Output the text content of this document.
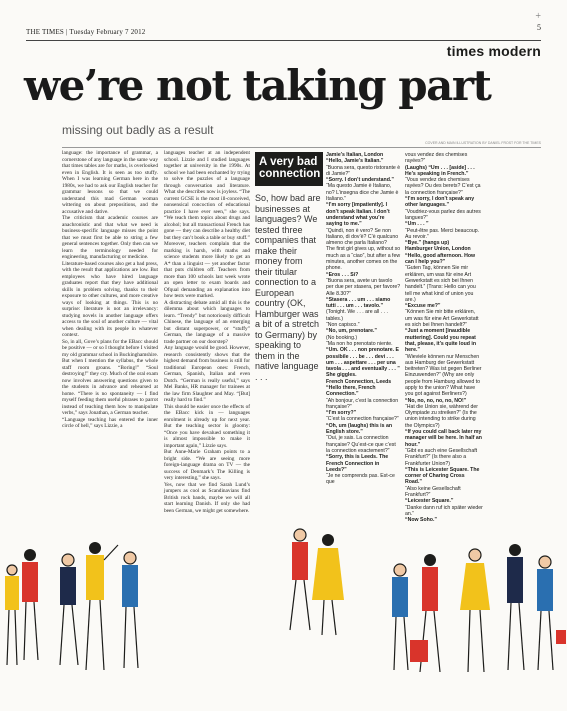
THE TIMES | Tuesday February 7 2012
+
5
times modern
we’re not taking part
missing out badly as a result
COVER AND MAIN ILLUSTRATION BY DANIEL FROST FOR THE TIMES

language: the importance of grammar, a cornerstone of any language in the same way that times tables are for maths, is overlooked even in English. It is seen as too stuffy. When I was learning German here in the 1980s, we had to ask our English teacher for grammar lessons so that we could understand this mad German woman wittering on about prepositions, and the accusative and dative.

The criticism that academic courses are anachronistic and that what we need is business-specific language misses the point that we must first be able to string a few general sentences together. Only then can we learn the terminology needed for engineering, manufacturing or medicine.

Literature-based courses also get a bad press, with the result that applications are low. But employees who have hired language graduates report that they have additional skills in problem solving, thanks to their exposure to other cultures, and more creative ways of looking at things. This is no surprise: literature is not an irrelevancy: studying novels in another language offers access to the soul of another culture — vital when dealing with its people in whatever context.

So, in all, Gove’s plans for the EBacc should be positive — or so I thought before I visited my old grammar school in Buckinghamshire. But when I mention the syllabus, the whole staff room groans. “Boring!” “Soul destroying!” they cry. Much of the oral exam now involves answering questions given to the students in advance and rehearsed at home. “There is no spontaneity — I find myself feeding them useful phrases to parrot instead of teaching them how to manipulate verbs,” says Jonathan, a German teacher.

“Language teaching has entered the inner circle of hell,” says Lizzie, a

languages teacher at an independent school. Lizzie and I studied languages together at university in the 1990s. At school we had been enchanted by trying to solve the puzzles of a language through conversation and literature. What she describes now is joyless. “The current GCSE is the most ill-conceived, nonsensical concoction of educational practice I have ever seen,” she says. “We teach them topics about drugs and alcohol; but all transactional French has gone — they can describe a healthy diet but they can’t book a table or buy stuff.”

Moreover, teachers complain that the marking is harsh, with maths and science students more likely to get an A* than a linguist — yet another factor that puts children off. Teachers from more than 100 schools last week wrote an open letter to exam boards and Ofqual demanding an explanation into how tests were marked.

A distracting debate amid all this is the dilemma about which languages to learn. “Trendy” but notoriously difficult Chinese, the language of an emerging but distant superpower, or “stuffy” German, the language of a massive trade partner on our doorstep?

Any language would be good. However, research consistently shows that the highest demand from business is still for traditional European ones: French, German, Spanish, Italian and even Dutch. “German is really useful,” says Mel Banks, HR manager for trainees at the law firm Slaughter and May. “[But] really hard to find.”

This should be easier once the effects of the EBacc kick in — languages enrolment is already up for next year. But the teaching sector is gloomy: “Once you have devalued something it is almost impossible to make it important again,” Lizzie says.

But Anne-Marie Graham points to a bright side. “We are seeing more foreign-language drama on TV — the success of Denmark’s The Killing is very interesting,” she says.

Yes, now that we find Sarah Lund’s jumpers as cool as Scandinavians find British rock bands, maybe we will all start learning Danish. If only she had been German, we might get somewhere.

A very bad connection
So, how bad are businesses at languages? We tested three companies that make their money from their titular connection to a European country (OK, Hamburger was a bit of a stretch to Germany) by speaking to them in the native language . . .

Jamie’s Italian, London

“Hello, Jamie’s Italian.”

“Buona sera, questo ristorante è di Jamie?”

“Sorry. I don’t understand.”

“Ma questo Jamie è Italiano, no? L’insegna dice che Jamie è Italiano.”

“I’m sorry [impatiently]. I don’t speak Italian. I don’t understand what you’re saying to me.”

“Quindi, non è vero? Se non Italiano, di dov’è? C’è qualcuno almeno che parla Italiano?

The first girl gives up, without so much as a “ciao”, but after a few minutes, another comes on the phone.

“Eros . . . Si?

“Buona sera, avete un tavolo per due per stasera, per favore? Alle 8.30?”

“Stasera . . . um . . . siamo tutti . . . um . . . tavolo.”

(Tonight. We . . . are all . . . tables.)

“Non capisco.”

“No, um, prenotare.”

(No booking.)

“Ma non ho prenotato niente.

“Um. OK . . . non prenotare. E possibile . . . be . . . devi . . . um . . . aspettare . . . per una tavola . . . and eventually . . . ” She giggles.

French Connection, Leeds

“Hello there, French Connection.”

“Ah bonjour, c’est la connection française?”

“I’m sorry?”

“C’est la connection française?”

“Oh, um (laughs) this is an English store.”

“Oui, je sais. La connection française? Qu’est-ce que c’est la connection exactement?”

“Sorry, this is Leeds. The French Connection in Leeds?”

“Je ne comprends pas. Est-ce que

vous vendez des chemises rayées?”

(Laughs) “Um . . . [aside] . . . He’s speaking in French.”

“Vous vendez des chemises rayées? Ou des berets? C’est ça la connection française?”

“I’m sorry, I don’t speak any other languages.”

“Voudriez-vous parlez des autres langues?”

“Um . . . ”

“Peut-être pas. Merci beaucoup. Au revoir.”

“Bye.” (hangs up)

Hamburger Union, London

“Hello, good afternoon. How can I help you?”

“Guten Tag, können Sie mir erklären, um was für eine Art Gewerkstatt es sich bei Ihnen handelt.” (Trans: Hello can you tell me what kind of union you are.)

“Excuse me?”

“Können Sie mir bitte erklären, um was für eine Art Gewerkstatt es sich bei Ihnen handelt?”

“Just a moment [inaudible muttering]. Could you repeat that, please, it’s quite loud in here.”

“Wieviele können nur Menschen aus Hamburg der Gewerkstatt beitreten? Was ist gegen Berliner Einzuwenden?” (Why are only people from Hamburg allowed to apply to the union? What have you got against Berliners?)

“No, no, no, no, no, NO!”

“Hat die Union sie, während der Olympiade zu streiken?” (Is the union intending to strike during the Olympics?)

“If you could call back later my manager will be here. In half an hour.”

“Gibt es auch eine Gesellschaft Frankfurt?” (Is there also a Frankfurter Union?)

“This is Leicester Square. The corner of Charing Cross Road.”

“Also keine Gesellschaft Frankfurt?”

“Leicester Square.”

“Danke dann ruf ich später wieder an.”

“Now Soho.”
